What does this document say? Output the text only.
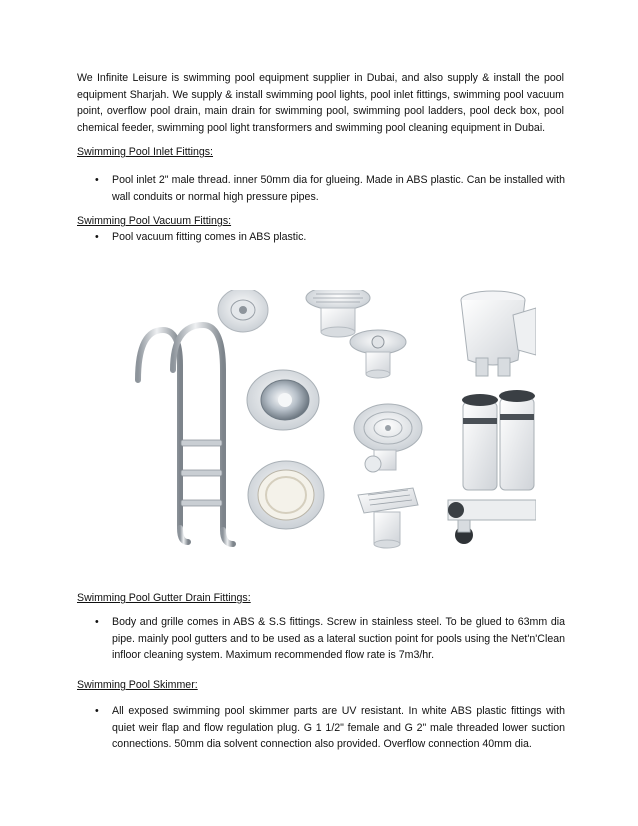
We Infinite Leisure is swimming pool equipment supplier in Dubai, and also supply & install the pool equipment Sharjah. We supply & install swimming pool lights, pool inlet fittings, swimming pool vacuum point, overflow pool drain, main drain for swimming pool, swimming pool ladders, pool deck box, pool chemical feeder, swimming pool light transformers and swimming pool cleaning equipment in Dubai.

Swimming Pool Inlet Fittings:

• Pool inlet 2" male thread. inner 50mm dia for glueing. Made in ABS plastic. Can be installed with wall conduits or normal high pressure pipes.

Swimming Pool Vacuum Fittings:

• Pool vacuum fitting comes in ABS plastic.

Swimming Pool Gutter Drain Fittings:

• Body and grille comes in ABS & S.S fittings. Screw in stainless steel. To be glued to 63mm dia pipe. mainly pool gutters and to be used as a lateral suction point for pools using the Net'n'Clean infloor cleaning system. Maximum recommended flow rate is 7m3/hr.

Swimming Pool Skimmer:

• All exposed swimming pool skimmer parts are UV resistant. In white ABS plastic fittings with quiet weir flap and flow regulation plug. G 1 1/2" female and G 2" male threaded lower suction connections. 50mm dia solvent connection also provided. Overflow connection 40mm dia.
